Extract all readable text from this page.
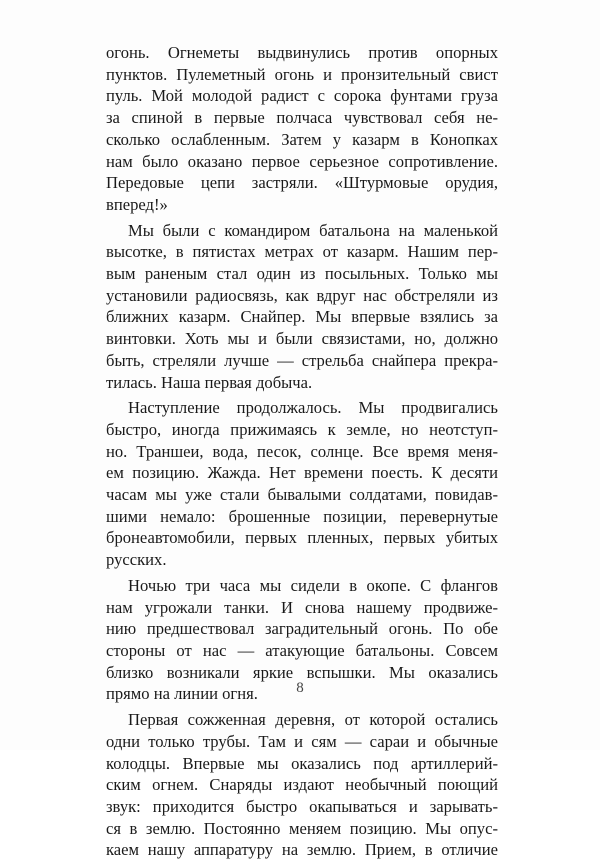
огонь. Огнеметы выдвинулись против опорных
пунктов. Пулеметный огонь и пронзительный свист
пуль. Мой молодой радист с сорока фунтами груза
за спиной в первые полчаса чувствовал себя не-
сколько ослабленным. Затем у казарм в Конопках
нам было оказано первое серьезное сопротивление.
Передовые цепи застряли. «Штурмовые орудия,
вперед!»
Мы были с командиром батальона на маленькой
высотке, в пятистах метрах от казарм. Нашим пер-
вым раненым стал один из посыльных. Только мы
установили радиосвязь, как вдруг нас обстреляли из
ближних казарм. Снайпер. Мы впервые взялись за
винтовки. Хоть мы и были связистами, но, должно
быть, стреляли лучше — стрельба снайпера прекра-
тилась. Наша первая добыча.
Наступление продолжалось. Мы продвигались
быстро, иногда прижимаясь к земле, но неотступ-
но. Траншеи, вода, песок, солнце. Все время меня-
ем позицию. Жажда. Нет времени поесть. К десяти
часам мы уже стали бывалыми солдатами, повидав-
шими немало: брошенные позиции, перевернутые
бронеавтомобили, первых пленных, первых убитых
русских.
Ночью три часа мы сидели в окопе. С флангов
нам угрожали танки. И снова нашему продвиже-
нию предшествовал заградительный огонь. По обе
стороны от нас — атакующие батальоны. Совсем
близко возникали яркие вспышки. Мы оказались
прямо на линии огня.
Первая сожженная деревня, от которой остались
одни только трубы. Там и сям — сараи и обычные
колодцы. Впервые мы оказались под артиллерий-
ским огнем. Снаряды издают необычный поющий
звук: приходится быстро окапываться и зарывать-
ся в землю. Постоянно меняем позицию. Мы опус-
каем нашу аппаратуру на землю. Прием, в отличие
8
